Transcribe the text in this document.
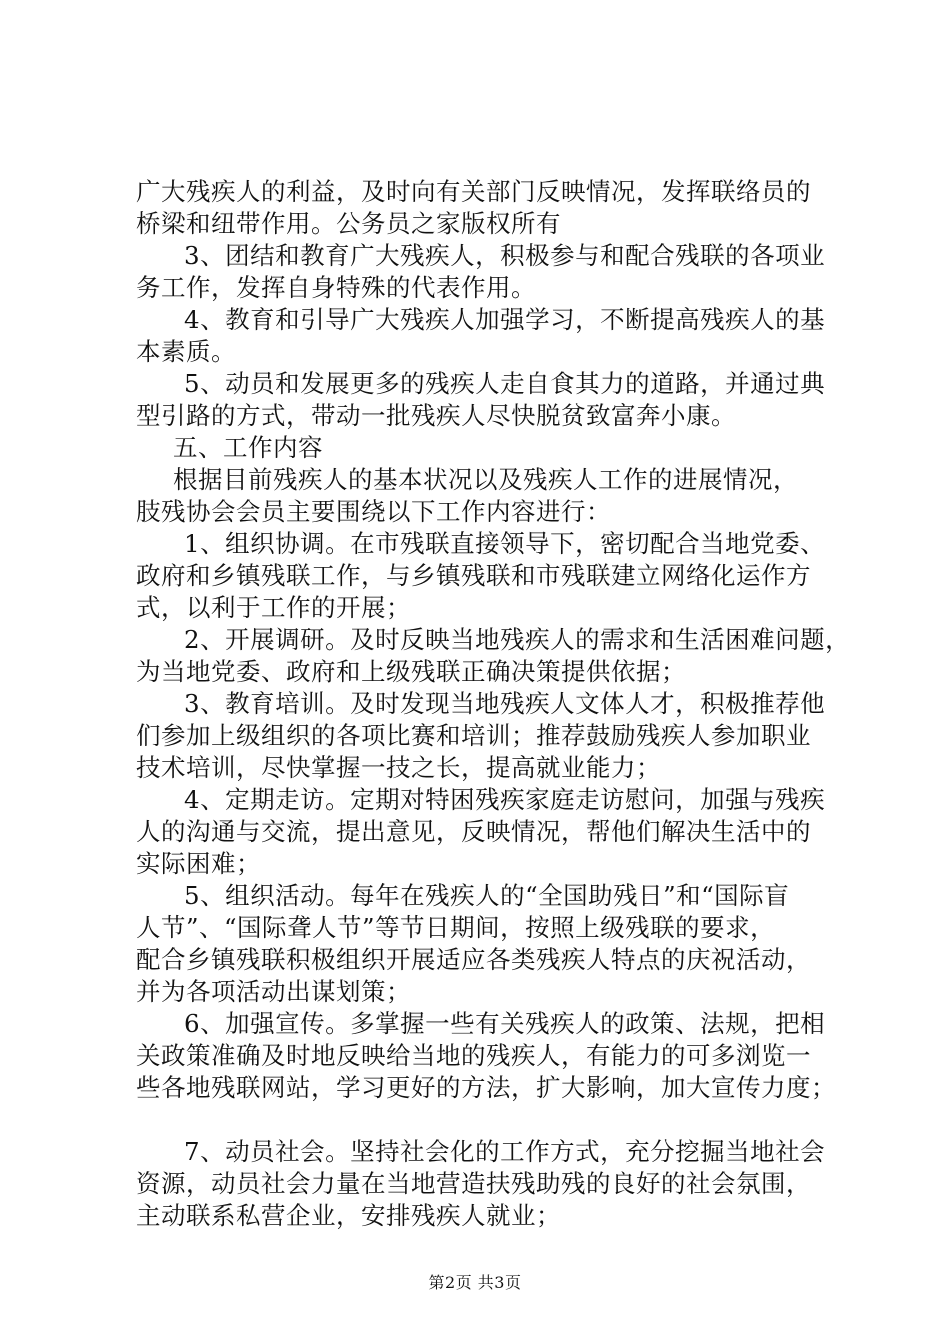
广大残疾人的利益，及时向有关部门反映情况，发挥联络员的
桥梁和纽带作用。公务员之家版权所有
3、团结和教育广大残疾人，积极参与和配合残联的各项业
务工作，发挥自身特殊的代表作用。
4、教育和引导广大残疾人加强学习，不断提高残疾人的基
本素质。
5、动员和发展更多的残疾人走自食其力的道路，并通过典
型引路的方式，带动一批残疾人尽快脱贫致富奔小康。
五、工作内容
根据目前残疾人的基本状况以及残疾人工作的进展情况，
肢残协会会员主要围绕以下工作内容进行：
1、组织协调。在市残联直接领导下，密切配合当地党委、
政府和乡镇残联工作，与乡镇残联和市残联建立网络化运作方
式，以利于工作的开展；
2、开展调研。及时反映当地残疾人的需求和生活困难问题，
为当地党委、政府和上级残联正确决策提供依据；
3、教育培训。及时发现当地残疾人文体人才，积极推荐他
们参加上级组织的各项比赛和培训；推荐鼓励残疾人参加职业
技术培训，尽快掌握一技之长，提高就业能力；
4、定期走访。定期对特困残疾家庭走访慰问，加强与残疾
人的沟通与交流，提出意见，反映情况，帮他们解决生活中的
实际困难；
5、组织活动。每年在残疾人的“全国助残日”和“国际盲
人节”、“国际聋人节”等节日期间，按照上级残联的要求，
配合乡镇残联积极组织开展适应各类残疾人特点的庆祝活动，
并为各项活动出谋划策；
6、加强宣传。多掌握一些有关残疾人的政策、法规，把相
关政策准确及时地反映给当地的残疾人，有能力的可多浏览一
些各地残联网站，学习更好的方法，扩大影响，加大宣传力度；
7、动员社会。坚持社会化的工作方式，充分挖掘当地社会
资源，动员社会力量在当地营造扶残助残的良好的社会氛围，
主动联系私营企业，安排残疾人就业；
第2页 共3页
